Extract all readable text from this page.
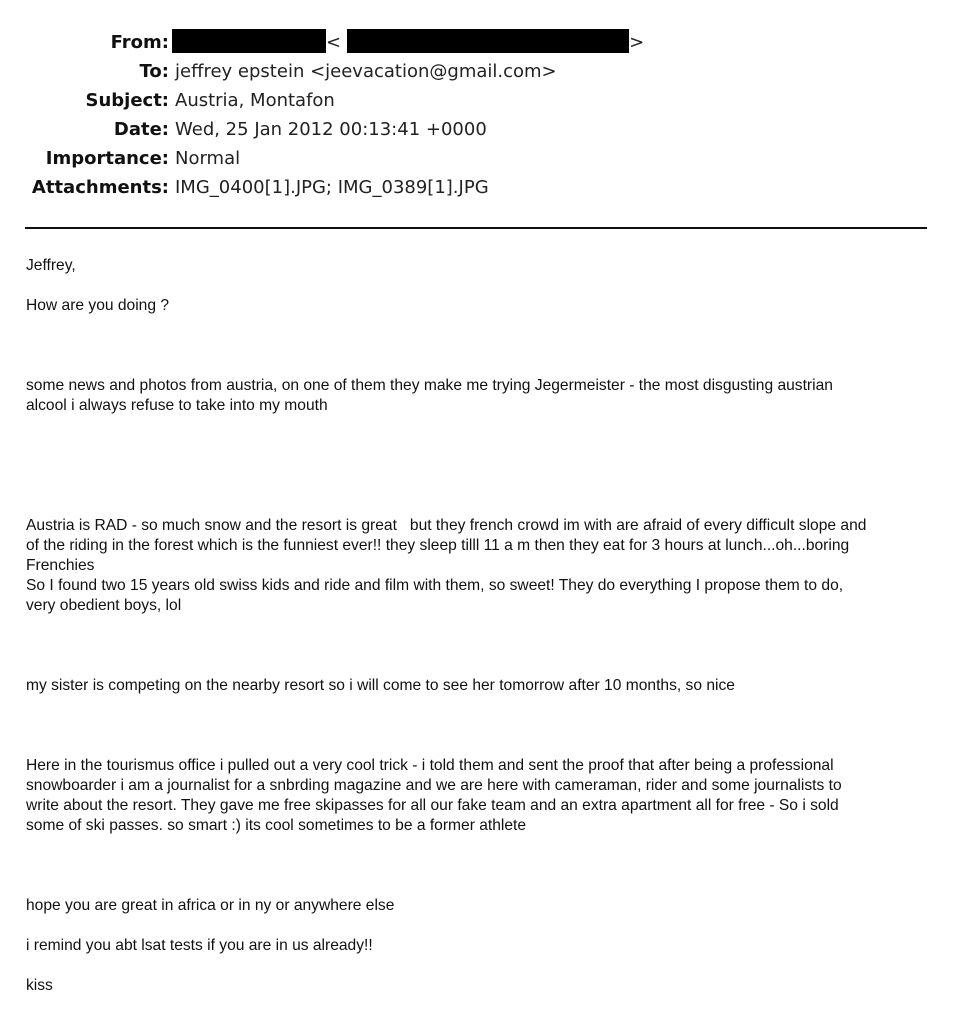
From:	<	>
To: jeffrey epstein <jeevacation@gmail.com>
Subject: Austria, Montafon
Date: Wed, 25 Jan 2012 00:13:41 +0000
Importance: Normal
Attachments: IMG_0400[1].JPG; IMG_0389[1].JPG

Jeffrey,

How are you doing ?

some news and photos from austria, on one of them they make me trying Jegermeister - the most disgusting austrian
alcool i always refuse to take into my mouth

Austria is RAD - so much snow and the resort is great   but they french crowd im with are afraid of every difficult slope and
of the riding in the forest which is the funniest ever!! they sleep tilll 11 a m then they eat for 3 hours at lunch...oh...boring
Frenchies
So I found two 15 years old swiss kids and ride and film with them, so sweet! They do everything I propose them to do,
very obedient boys, lol

my sister is competing on the nearby resort so i will come to see her tomorrow after 10 months, so nice

Here in the tourismus office i pulled out a very cool trick - i told them and sent the proof that after being a professional
snowboarder i am a journalist for a snbrding magazine and we are here with cameraman, rider and some journalists to
write about the resort. They gave me free skipasses for all our fake team and an extra apartment all for free - So i sold
some of ski passes. so smart :) its cool sometimes to be a former athlete

hope you are great in africa or in ny or anywhere else

i remind you abt lsat tests if you are in us already!!

kiss
